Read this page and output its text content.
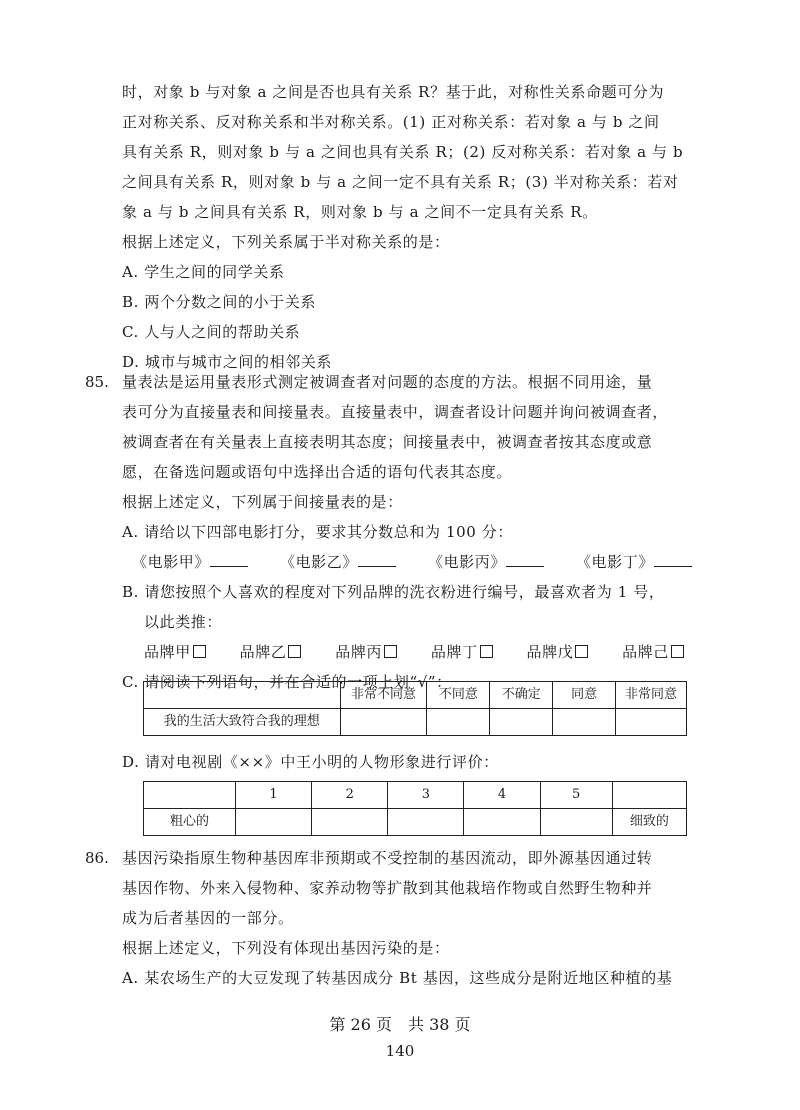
时，对象 b 与对象 a 之间是否也具有关系 R？基于此，对称性关系命题可分为
正对称关系、反对称关系和半对称关系。(1) 正对称关系：若对象 a 与 b 之间
具有关系 R，则对象 b 与 a 之间也具有关系 R；(2) 反对称关系：若对象 a 与 b
之间具有关系 R，则对象 b 与 a 之间一定不具有关系 R；(3) 半对称关系：若对
象 a 与 b 之间具有关系 R，则对象 b 与 a 之间不一定具有关系 R。
根据上述定义，下列关系属于半对称关系的是：
A. 学生之间的同学关系
B. 两个分数之间的小于关系
C. 人与人之间的帮助关系
D. 城市与城市之间的相邻关系
85. 量表法是运用量表形式测定被调查者对问题的态度的方法。根据不同用途，量
表可分为直接量表和间接量表。直接量表中，调查者设计问题并询问被调查者，
被调查者在有关量表上直接表明其态度；间接量表中，被调查者按其态度或意
愿，在备选问题或语句中选择出合适的语句代表其态度。
根据上述定义，下列属于间接量表的是：
A. 请给以下四部电影打分，要求其分数总和为 100 分：
《电影甲》	《电影乙》	《电影丙》	《电影丁》
B. 请您按照个人喜欢的程度对下列品牌的洗衣粉进行编号，最喜欢者为 1 号，
以此类推：
品牌甲	品牌乙	品牌丙	品牌丁	品牌戊	品牌己
C. 请阅读下列语句，并在合适的一项上划“√”：
	非常不同意	不同意	不确定	同意	非常同意
我的生活大致符合我的理想					
D. 请对电视剧《××》中王小明的人物形象进行评价：
	1	2	3	4	5	
粗心的						细致的
86. 基因污染指原生物种基因库非预期或不受控制的基因流动，即外源基因通过转
基因作物、外来入侵物种、家养动物等扩散到其他栽培作物或自然野生物种并
成为后者基因的一部分。
根据上述定义，下列没有体现出基因污染的是：
A. 某农场生产的大豆发现了转基因成分 Bt 基因，这些成分是附近地区种植的基
第 26 页　共 38 页
140
